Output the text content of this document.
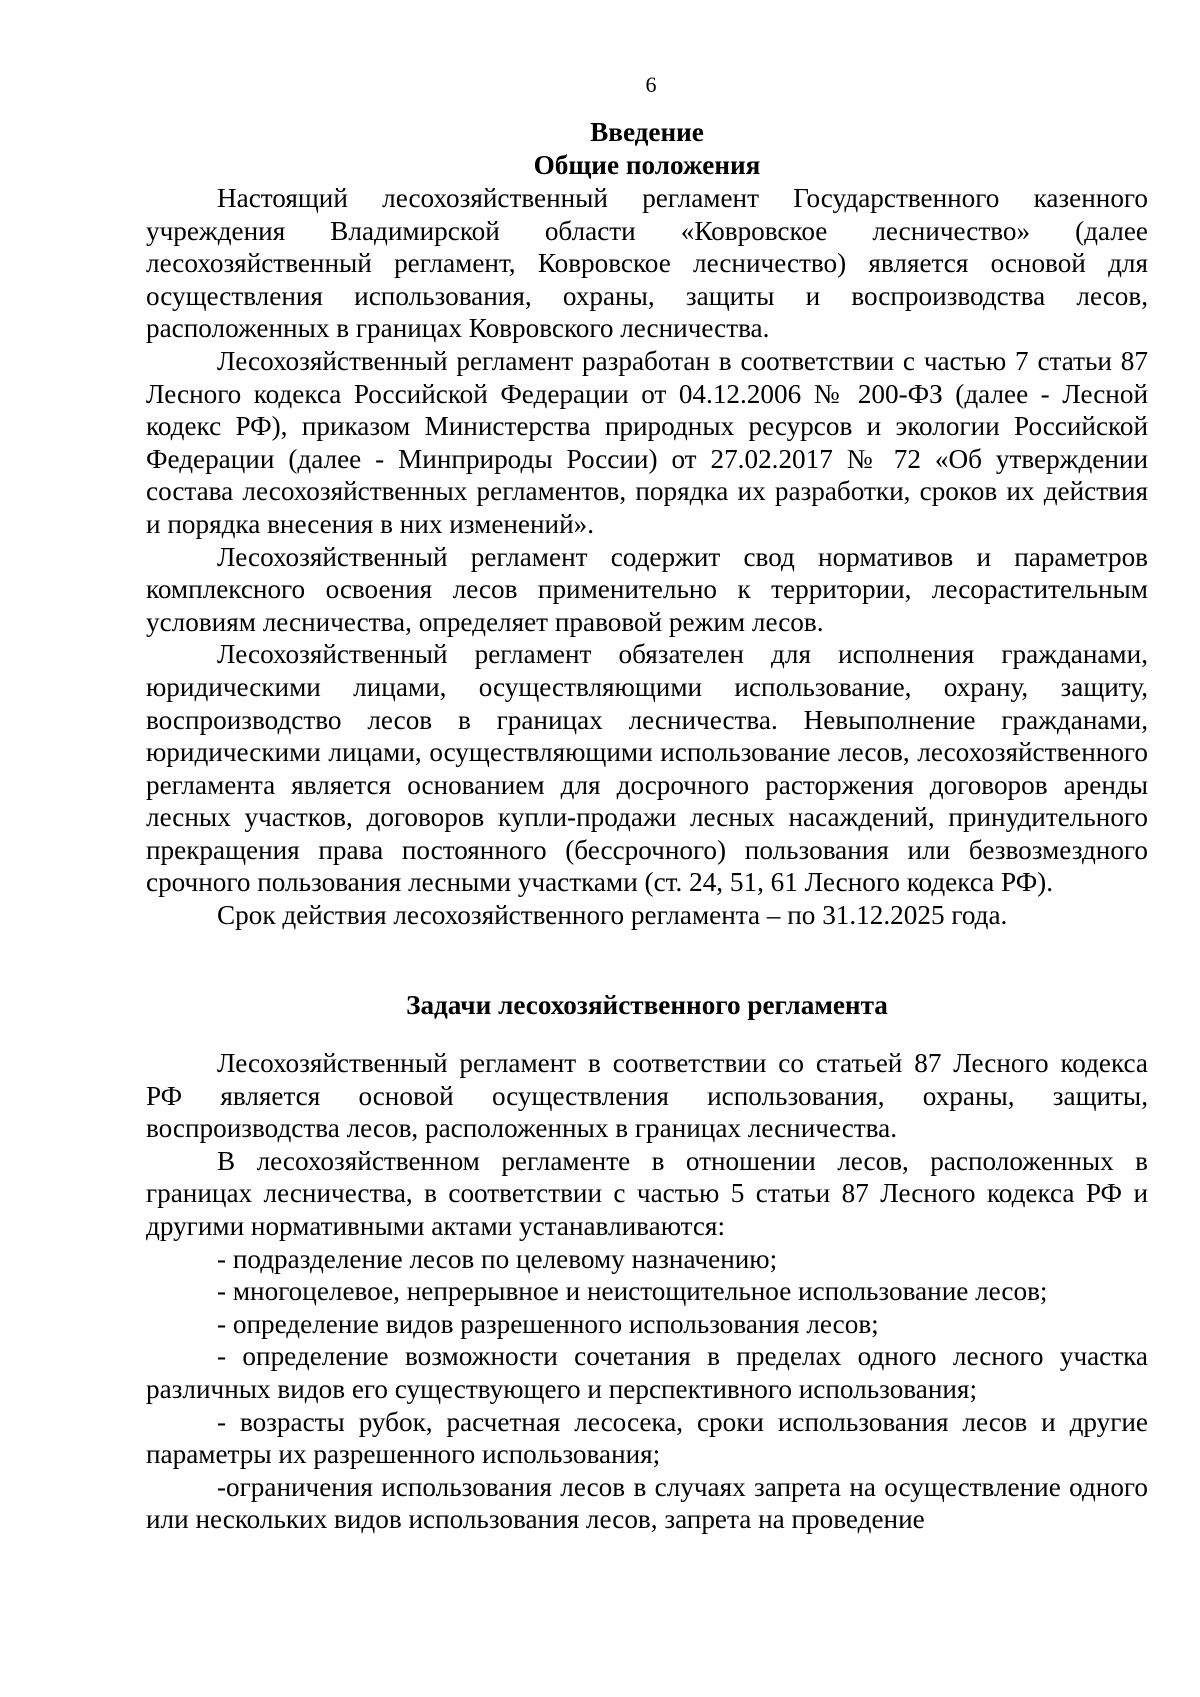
6
Введение
Общие положения

Настоящий лесохозяйственный регламент Государственного казенного учреждения Владимирской области «Ковровское лесничество» (далее лесохозяйственный регламент, Ковровское лесничество) является основой для осуществления использования, охраны, защиты и воспроизводства лесов, расположенных в границах Ковровского лесничества.

Лесохозяйственный регламент разработан в соответствии с частью 7 статьи 87 Лесного кодекса Российской Федерации от 04.12.2006 № 200-ФЗ (далее - Лесной кодекс РФ), приказом Министерства природных ресурсов и экологии Российской Федерации (далее - Минприроды России) от 27.02.2017 № 72 «Об утверждении состава лесохозяйственных регламентов, порядка их разработки, сроков их действия и порядка внесения в них изменений».

Лесохозяйственный регламент содержит свод нормативов и параметров комплексного освоения лесов применительно к территории, лесорастительным условиям лесничества, определяет правовой режим лесов.

Лесохозяйственный регламент обязателен для исполнения гражданами, юридическими лицами, осуществляющими использование, охрану, защиту, воспроизводство лесов в границах лесничества. Невыполнение гражданами, юридическими лицами, осуществляющими использование лесов, лесохозяйственного регламента является основанием для досрочного расторжения договоров аренды лесных участков, договоров купли-продажи лесных насаждений, принудительного прекращения права постоянного (бессрочного) пользования или безвозмездного срочного пользования лесными участками (ст. 24, 51, 61 Лесного кодекса РФ).

Срок действия лесохозяйственного регламента – по 31.12.2025 года.

Задачи лесохозяйственного регламента

Лесохозяйственный регламент в соответствии со статьей 87 Лесного кодекса РФ является основой осуществления использования, охраны, защиты, воспроизводства лесов, расположенных в границах лесничества.

В лесохозяйственном регламенте в отношении лесов, расположенных в границах лесничества, в соответствии с частью 5 статьи 87 Лесного кодекса РФ и другими нормативными актами устанавливаются:

- подразделение лесов по целевому назначению;

- многоцелевое, непрерывное и неистощительное использование лесов;

- определение видов разрешенного использования лесов;

- определение возможности сочетания в пределах одного лесного участка различных видов его существующего и перспективного использования;

- возрасты рубок, расчетная лесосека, сроки использования лесов и другие параметры их разрешенного использования;

-ограничения использования лесов в случаях запрета на осуществление одного или нескольких видов использования лесов, запрета на проведение
